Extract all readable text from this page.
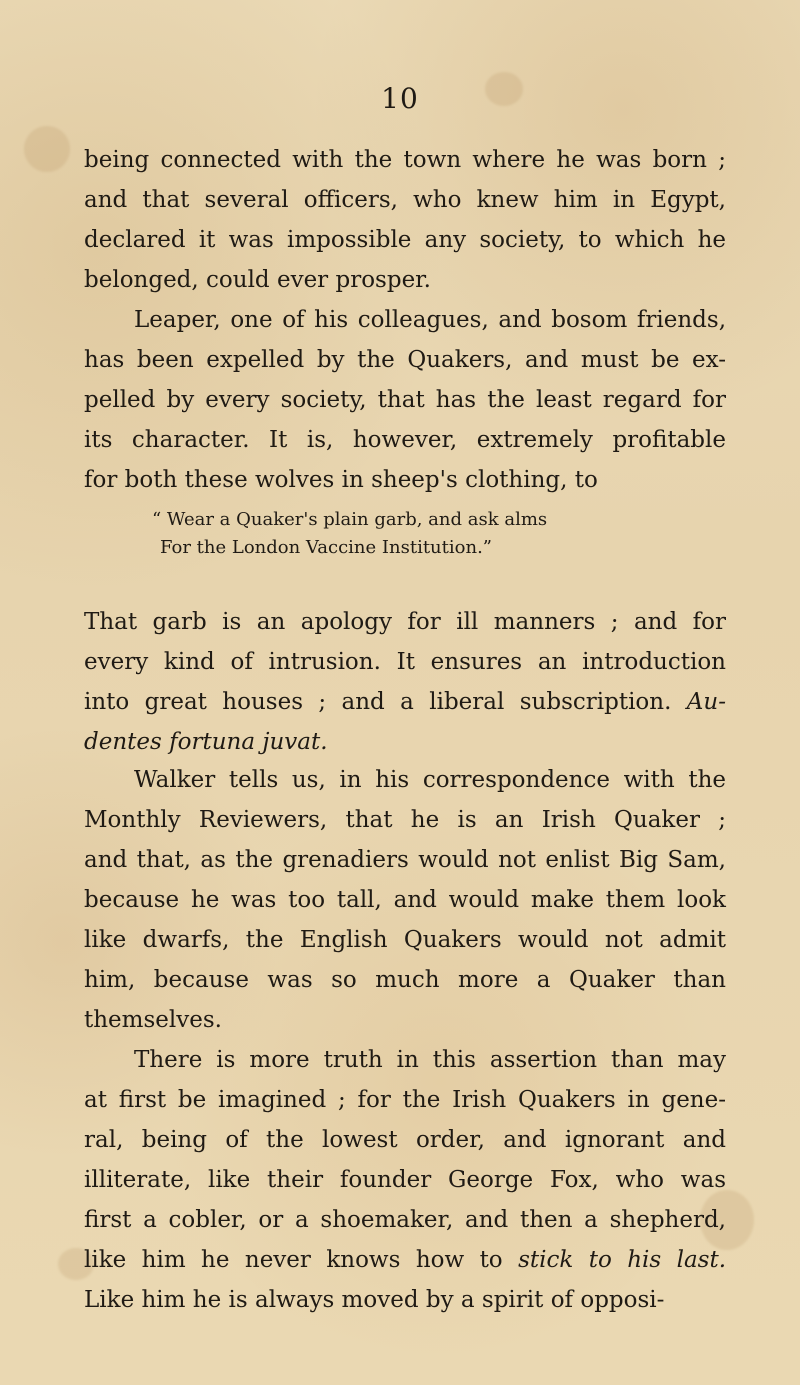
10
being connected with the town where he was born ;
and that several officers, who knew him in Egypt,
declared it was impossible any society, to which he
belonged, could ever prosper.
Leaper, one of his colleagues, and bosom friends,
has been expelled by the Quakers, and must be ex-
pelled by every society, that has the least regard for
its character. It is, however, extremely profitable
for both these wolves in sheep's clothing, to
“ Wear a Quaker's plain garb, and ask alms
For the London Vaccine Institution.”
That garb is an apology for ill manners ; and for
every kind of intrusion. It ensures an introduction
into great houses ; and a liberal subscription. Au-
dentes fortuna juvat.
Walker tells us, in his correspondence with the
Monthly Reviewers, that he is an Irish Quaker ;
and that, as the grenadiers would not enlist Big Sam,
because he was too tall, and would make them look
like dwarfs, the English Quakers would not admit
him, because was so much more a Quaker than
themselves.
There is more truth in this assertion than may
at first be imagined ; for the Irish Quakers in gene-
ral, being of the lowest order, and ignorant and
illiterate, like their founder George Fox, who was
first a cobler, or a shoemaker, and then a shepherd,
like him he never knows how to stick to his last.
Like him he is always moved by a spirit of opposi-
